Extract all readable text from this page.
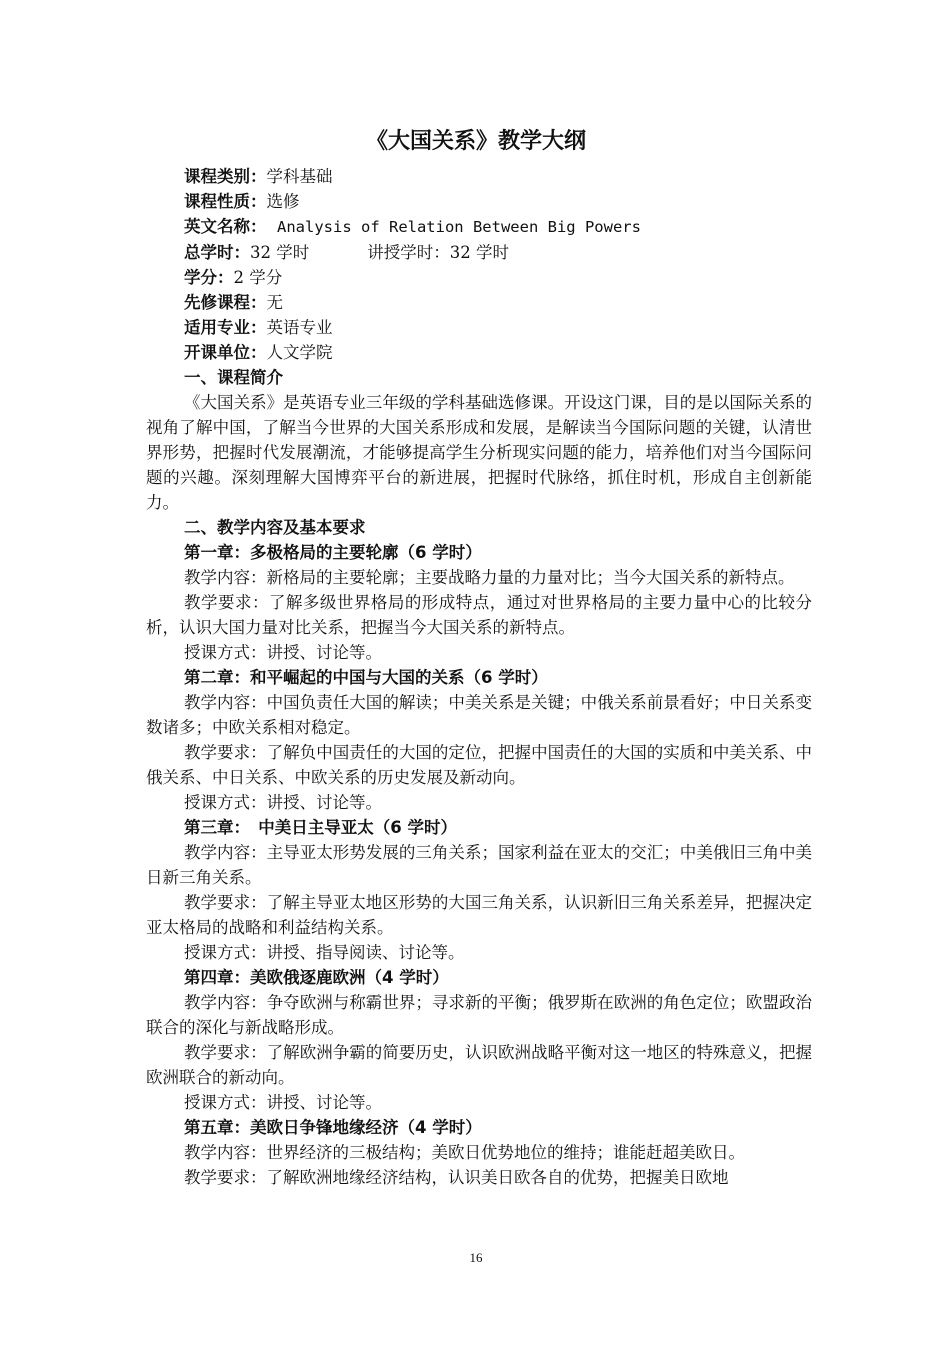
《大国关系》教学大纲
课程类别：学科基础
课程性质：选修
英文名称： Analysis of Relation Between Big Powers
总学时：32 学时	讲授学时：32 学时
学分：2 学分
先修课程：无
适用专业：英语专业
开课单位：人文学院
一、课程简介
《大国关系》是英语专业三年级的学科基础选修课。开设这门课，目的是以国际关系的视角了解中国，了解当今世界的大国关系形成和发展，是解读当今国际问题的关键，认清世界形势，把握时代发展潮流，才能够提高学生分析现实问题的能力，培养他们对当今国际问题的兴趣。深刻理解大国博弈平台的新进展，把握时代脉络，抓住时机，形成自主创新能力。
二、教学内容及基本要求
第一章：多极格局的主要轮廓（6 学时）
教学内容：新格局的主要轮廓；主要战略力量的力量对比；当今大国关系的新特点。
教学要求：了解多级世界格局的形成特点，通过对世界格局的主要力量中心的比较分析，认识大国力量对比关系，把握当今大国关系的新特点。
授课方式：讲授、讨论等。
第二章：和平崛起的中国与大国的关系（6 学时）
教学内容：中国负责任大国的解读；中美关系是关键；中俄关系前景看好；中日关系变数诸多；中欧关系相对稳定。
教学要求：了解负中国责任的大国的定位，把握中国责任的大国的实质和中美关系、中俄关系、中日关系、中欧关系的历史发展及新动向。
授课方式：讲授、讨论等。
第三章：　中美日主导亚太（6 学时）
教学内容：主导亚太形势发展的三角关系；国家利益在亚太的交汇；中美俄旧三角中美日新三角关系。
教学要求：了解主导亚太地区形势的大国三角关系，认识新旧三角关系差异，把握决定亚太格局的战略和利益结构关系。
授课方式：讲授、指导阅读、讨论等。
第四章：美欧俄逐鹿欧洲（4 学时）
教学内容：争夺欧洲与称霸世界；寻求新的平衡；俄罗斯在欧洲的角色定位；欧盟政治联合的深化与新战略形成。
教学要求：了解欧洲争霸的简要历史，认识欧洲战略平衡对这一地区的特殊意义，把握欧洲联合的新动向。
授课方式：讲授、讨论等。
第五章：美欧日争锋地缘经济（4 学时）
教学内容：世界经济的三极结构；美欧日优势地位的维持；谁能赶超美欧日。
教学要求：了解欧洲地缘经济结构，认识美日欧各自的优势，把握美日欧地
16
